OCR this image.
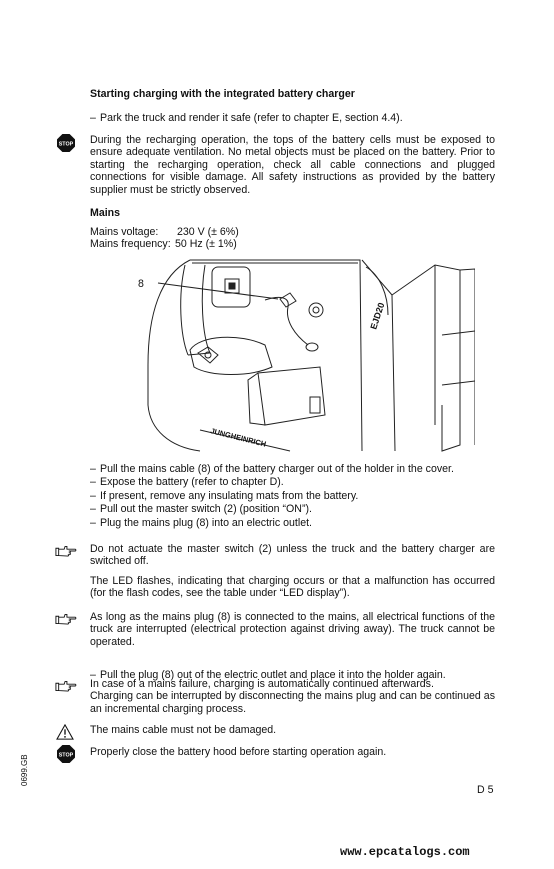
Starting charging with the integrated battery charger
– Park the truck and render it safe (refer to chapter E, section 4.4).
STOP During the recharging operation, the tops of the battery cells must be exposed to ensure adequate ventilation. No metal objects must be placed on the battery. Prior to starting the recharging operation, check all cable connections and plugged connections for visible damage. All safety instructions as provided by the battery supplier must be strictly observed.
Mains
Mains voltage: 230 V (± 6%)
Mains frequency: 50 Hz (± 1%)
8
EJD20
JUNGHEINRICH
– Pull the mains cable (8) of the battery charger out of the holder in the cover.
– Expose the battery (refer to chapter D).
– If present, remove any insulating mats from the battery.
– Pull out the master switch (2) (position “ON”).
– Plug the mains plug (8) into an electric outlet.
Do not actuate the master switch (2) unless the truck and the battery charger are switched off.
The LED flashes, indicating that charging occurs or that a malfunction has occurred (for the flash codes, see the table under “LED display”).
As long as the mains plug (8) is connected to the mains, all electrical functions of the truck are interrupted (electrical protection against driving away). The truck cannot be operated.
– Pull the plug (8) out of the electric outlet and place it into the holder again.
In case of a mains failure, charging is automatically continued afterwards.
Charging can be interrupted by disconnecting the mains plug and can be continued as an incremental charging process.
The mains cable must not be damaged.
STOP Properly close the battery hood before starting operation again.
0699.GB
D 5
www.epcatalogs.com
